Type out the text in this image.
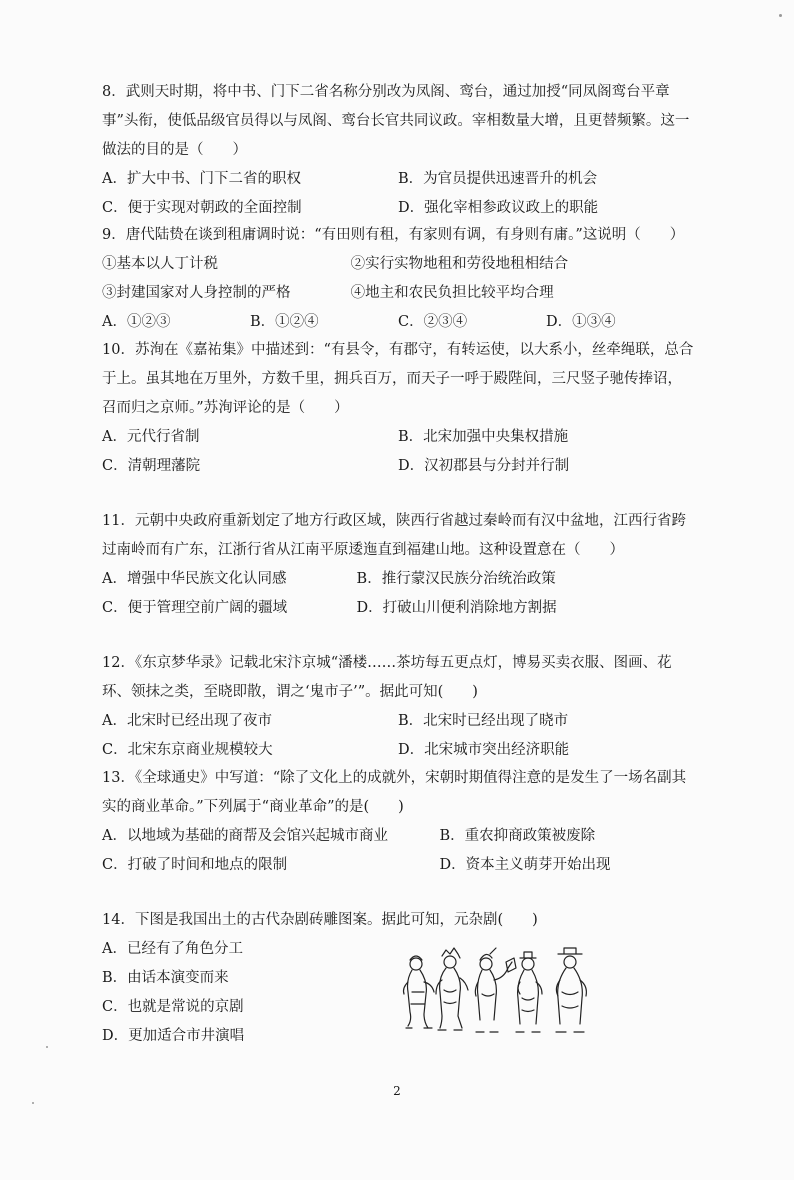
8．武则天时期，将中书、门下二省名称分别改为凤阁、鸾台，通过加授“同凤阁鸾台平章事”头衔，使低品级官员得以与凤阁、鸾台长官共同议政。宰相数量大增，且更替频繁。这一做法的目的是（　　）
A．扩大中书、门下二省的职权	B．为官员提供迅速晋升的机会
C．便于实现对朝政的全面控制	D．强化宰相参政议政上的职能
9．唐代陆贽在谈到租庸调时说：“有田则有租，有家则有调，有身则有庸。”这说明（　　）
①基本以人丁计税	②实行实物地租和劳役地租相结合
③封建国家对人身控制的严格	④地主和农民负担比较平均合理
A．①②③	B．①②④	C．②③④	D．①③④
10．苏洵在《嘉祐集》中描述到：“有县令，有郡守，有转运使，以大系小，丝牵绳联，总合于上。虽其地在万里外，方数千里，拥兵百万，而天子一呼于殿陛间，三尺竖子驰传捧诏，召而归之京师。”苏洵评论的是（　　）
A．元代行省制	B．北宋加强中央集权措施
C．清朝理藩院	D．汉初郡县与分封并行制
11．元朝中央政府重新划定了地方行政区域，陕西行省越过秦岭而有汉中盆地，江西行省跨过南岭而有广东，江浙行省从江南平原逶迤直到福建山地。这种设置意在（　　）
A．增强中华民族文化认同感	B．推行蒙汉民族分治统治政策
C．便于管理空前广阔的疆域	D．打破山川便利消除地方割据
12．《东京梦华录》记载北宋汴京城“潘楼……茶坊每五更点灯，博易买卖衣服、图画、花环、领抹之类，至晓即散，谓之‘鬼市子’”。据此可知(　　)
A．北宋时已经出现了夜市	B．北宋时已经出现了晓市
C．北宋东京商业规模较大	D．北宋城市突出经济职能
13．《全球通史》中写道：“除了文化上的成就外，宋朝时期值得注意的是发生了一场名副其实的商业革命。”下列属于“商业革命”的是(　　)
A．以地域为基础的商帮及会馆兴起城市商业	B．重农抑商政策被废除
C．打破了时间和地点的限制	D．资本主义萌芽开始出现
14．下图是我国出土的古代杂剧砖雕图案。据此可知，元杂剧(　　)
A．已经有了角色分工
B．由话本演变而来
C．也就是常说的京剧
D．更加适合市井演唱
2
